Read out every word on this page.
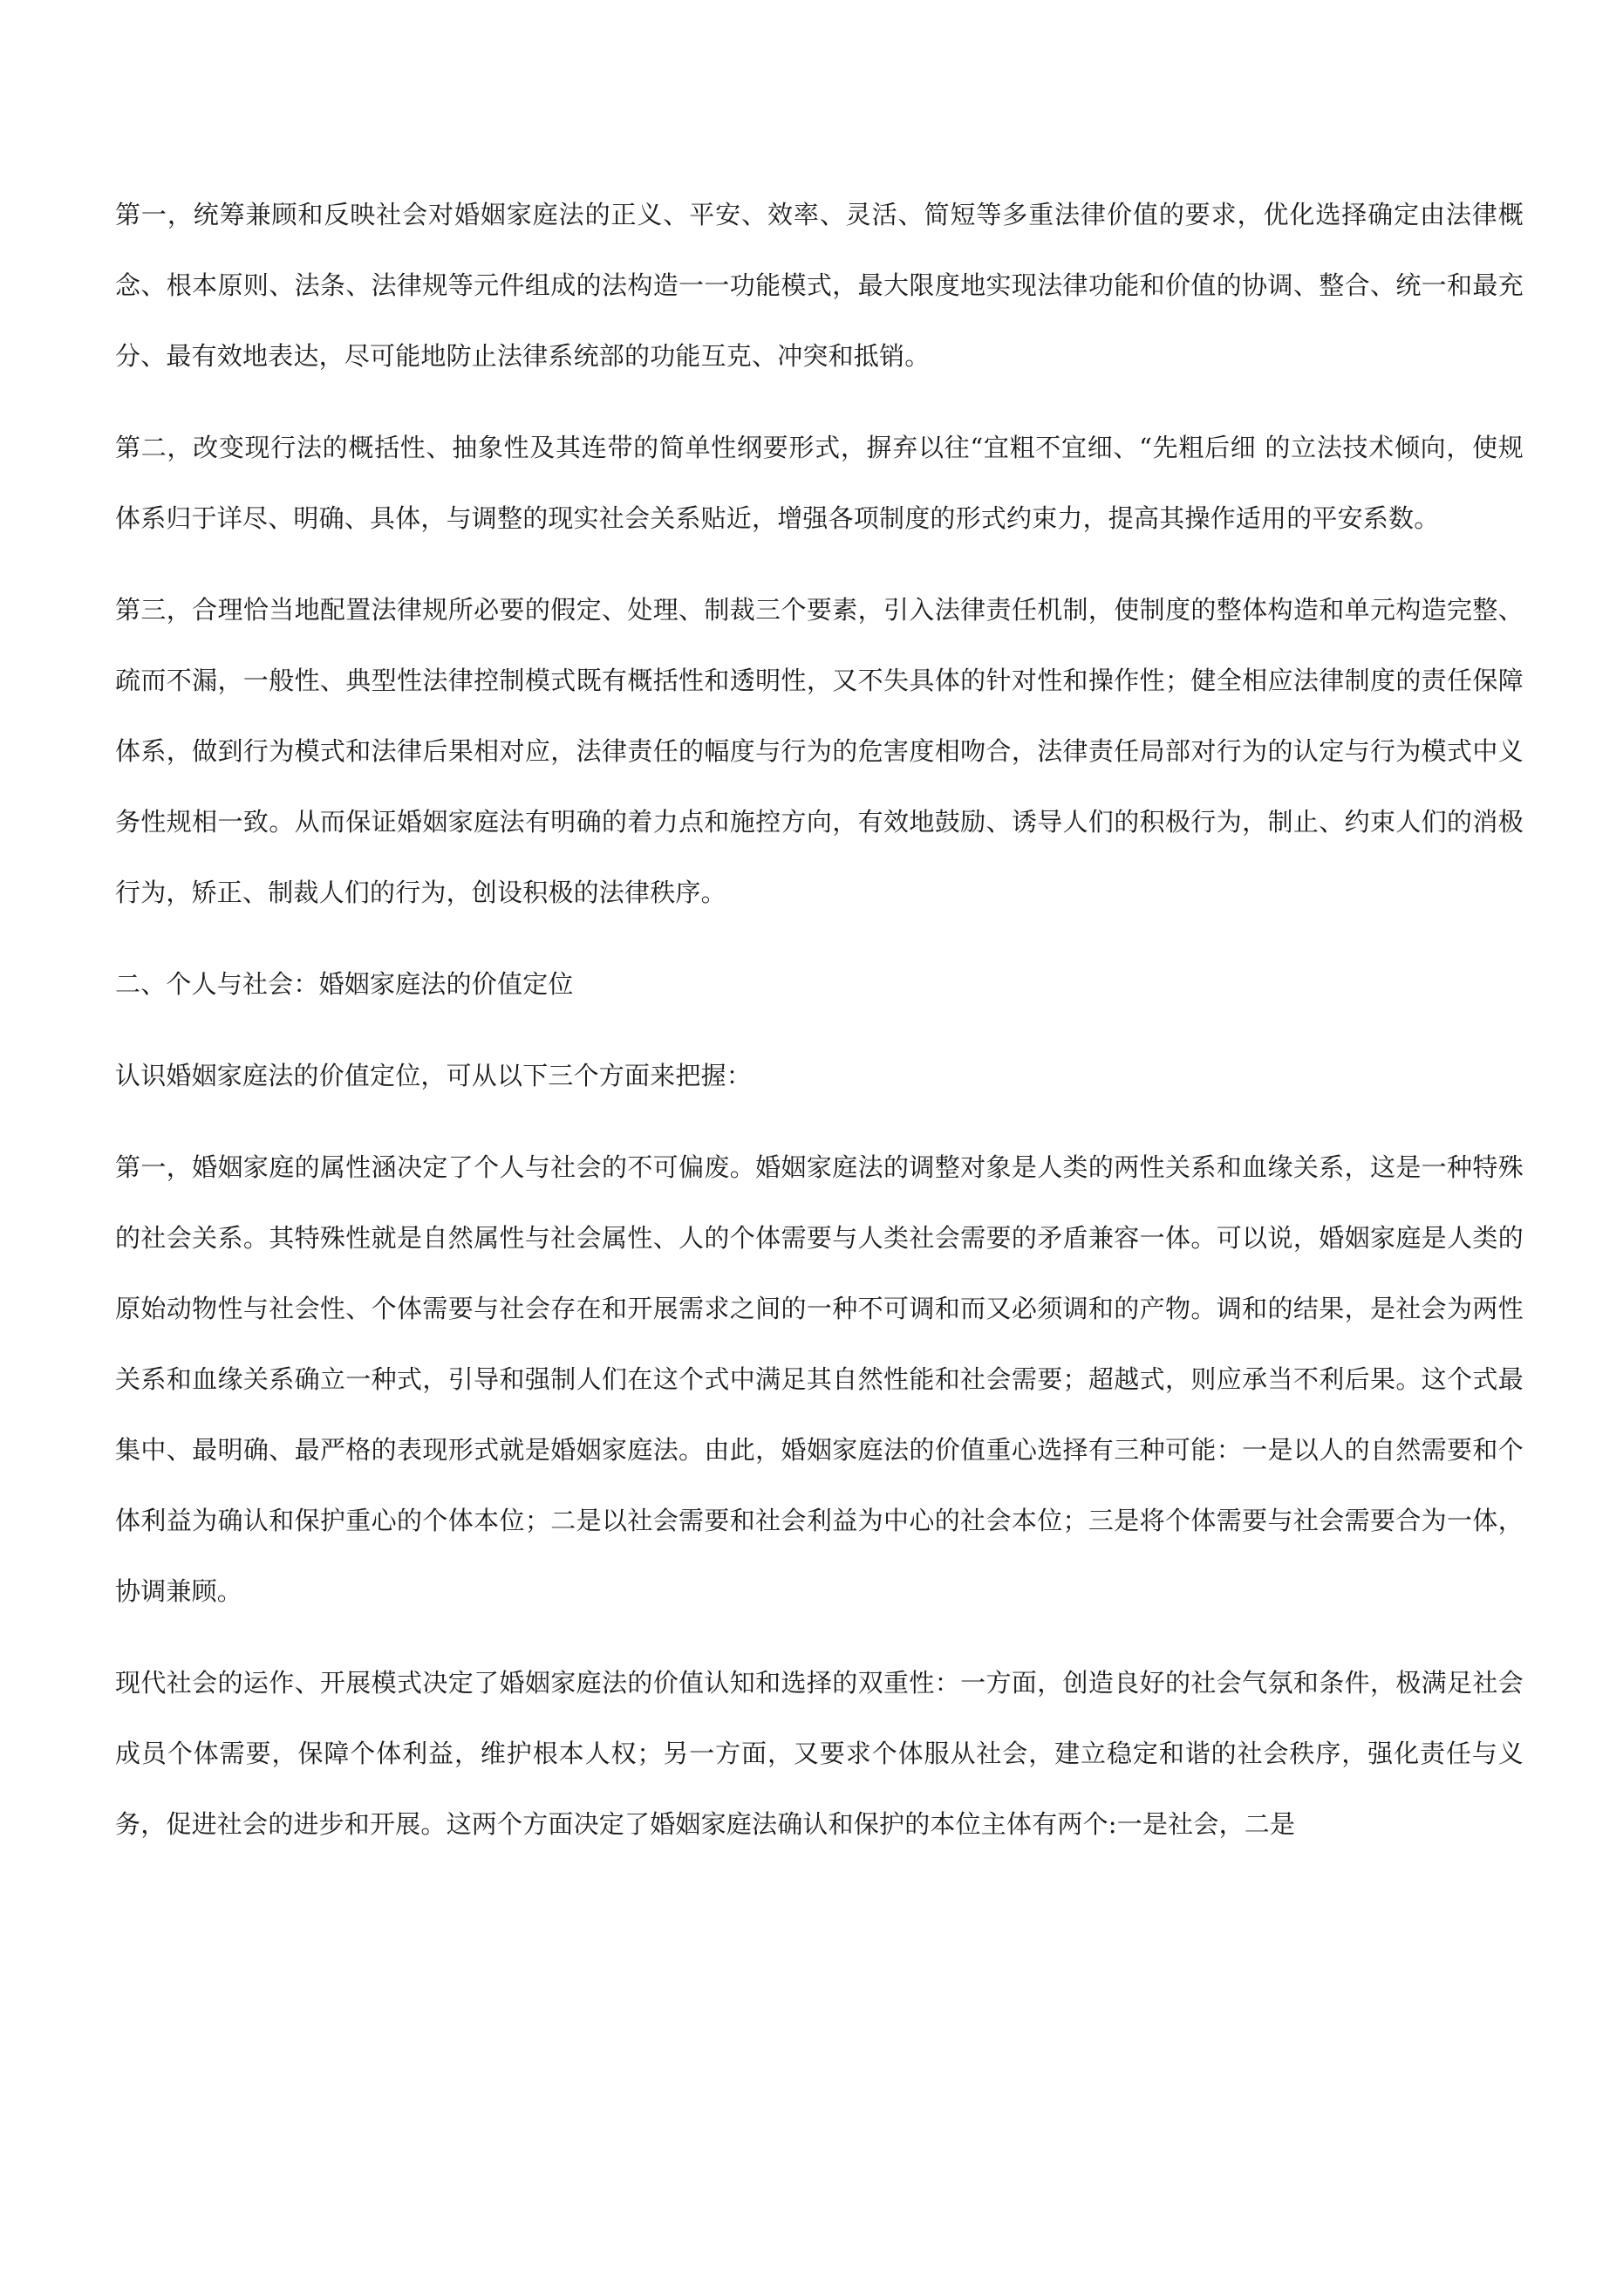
第一，统筹兼顾和反映社会对婚姻家庭法的正义、平安、效率、灵活、简短等多重法律价值的要求，优化选择确定由法律概念、根本原则、法条、法律规等元件组成的法构造一一功能模式，最大限度地实现法律功能和价值的协调、整合、统一和最充分、最有效地表达，尽可能地防止法律系统部的功能互克、冲突和抵销。

第二，改变现行法的概括性、抽象性及其连带的简单性纲要形式，摒弃以往“宜粗不宜细、“先粗后细 的立法技术倾向，使规体系归于详尽、明确、具体，与调整的现实社会关系贴近，增强各项制度的形式约束力，提高其操作适用的平安系数。

第三，合理恰当地配置法律规所必要的假定、处理、制裁三个要素，引入法律责任机制，使制度的整体构造和单元构造完整、疏而不漏，一般性、典型性法律控制模式既有概括性和透明性，又不失具体的针对性和操作性；健全相应法律制度的责任保障体系，做到行为模式和法律后果相对应，法律责任的幅度与行为的危害度相吻合，法律责任局部对行为的认定与行为模式中义务性规相一致。从而保证婚姻家庭法有明确的着力点和施控方向，有效地鼓励、诱导人们的积极行为，制止、约束人们的消极行为，矫正、制裁人们的行为，创设积极的法律秩序。

二、个人与社会：婚姻家庭法的价值定位

认识婚姻家庭法的价值定位，可从以下三个方面来把握：

第一，婚姻家庭的属性涵决定了个人与社会的不可偏废。婚姻家庭法的调整对象是人类的两性关系和血缘关系，这是一种特殊的社会关系。其特殊性就是自然属性与社会属性、人的个体需要与人类社会需要的矛盾兼容一体。可以说，婚姻家庭是人类的原始动物性与社会性、个体需要与社会存在和开展需求之间的一种不可调和而又必须调和的产物。调和的结果，是社会为两性关系和血缘关系确立一种式，引导和强制人们在这个式中满足其自然性能和社会需要；超越式，则应承当不利后果。这个式最集中、最明确、最严格的表现形式就是婚姻家庭法。由此，婚姻家庭法的价值重心选择有三种可能：一是以人的自然需要和个体利益为确认和保护重心的个体本位；二是以社会需要和社会利益为中心的社会本位；三是将个体需要与社会需要合为一体，协调兼顾。

现代社会的运作、开展模式决定了婚姻家庭法的价值认知和选择的双重性：一方面，创造良好的社会气氛和条件，极满足社会成员个体需要，保障个体利益，维护根本人权；另一方面，又要求个体服从社会，建立稳定和谐的社会秩序，强化责任与义务，促进社会的进步和开展。这两个方面决定了婚姻家庭法确认和保护的本位主体有两个:一是社会，二是
